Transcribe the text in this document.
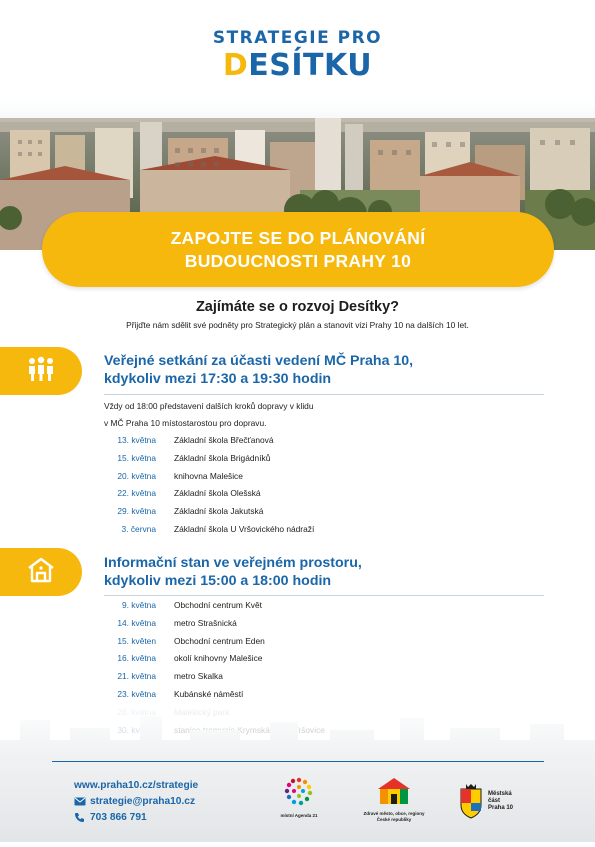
STRATEGIE PRO
DESÍTKU
ZAPOJTE SE DO PLÁNOVÁNÍ
BUDOUCNOSTI PRAHY 10
Zajímáte se o rozvoj Desítky?
Přijďte nám sdělit své podněty pro Strategický plán a stanovit vizi Prahy 10 na dalších 10 let.
Veřejné setkání za účasti vedení MČ Praha 10,
kdykoliv mezi 17:30 a 19:30 hodin
Vždy od 18:00 představení dalších kroků dopravy v klidu
v MČ Praha 10 místostarostou pro dopravu.
13. května Základní škola Břečťanová
15. května Základní škola Brigádníků
20. května knihovna Malešice
22. května Základní škola Olešská
29. května Základní škola Jakutská
3. června Základní škola U Vršovického nádraží
Informační stan ve veřejném prostoru,
kdykoliv mezi 15:00 a 18:00 hodin
9. května Obchodní centrum Květ
14. května metro Strašnická
15. květen Obchodní centrum Eden
16. května okolí knihovny Malešice
21. května metro Skalka
23. května Kubánské náměstí
www.praha10.cz/strategie
strategie@praha10.cz
703 866 791	místní Agenda 21	Zdravé město, obce, regiony
České republiky
Městská
část
Praha 10
